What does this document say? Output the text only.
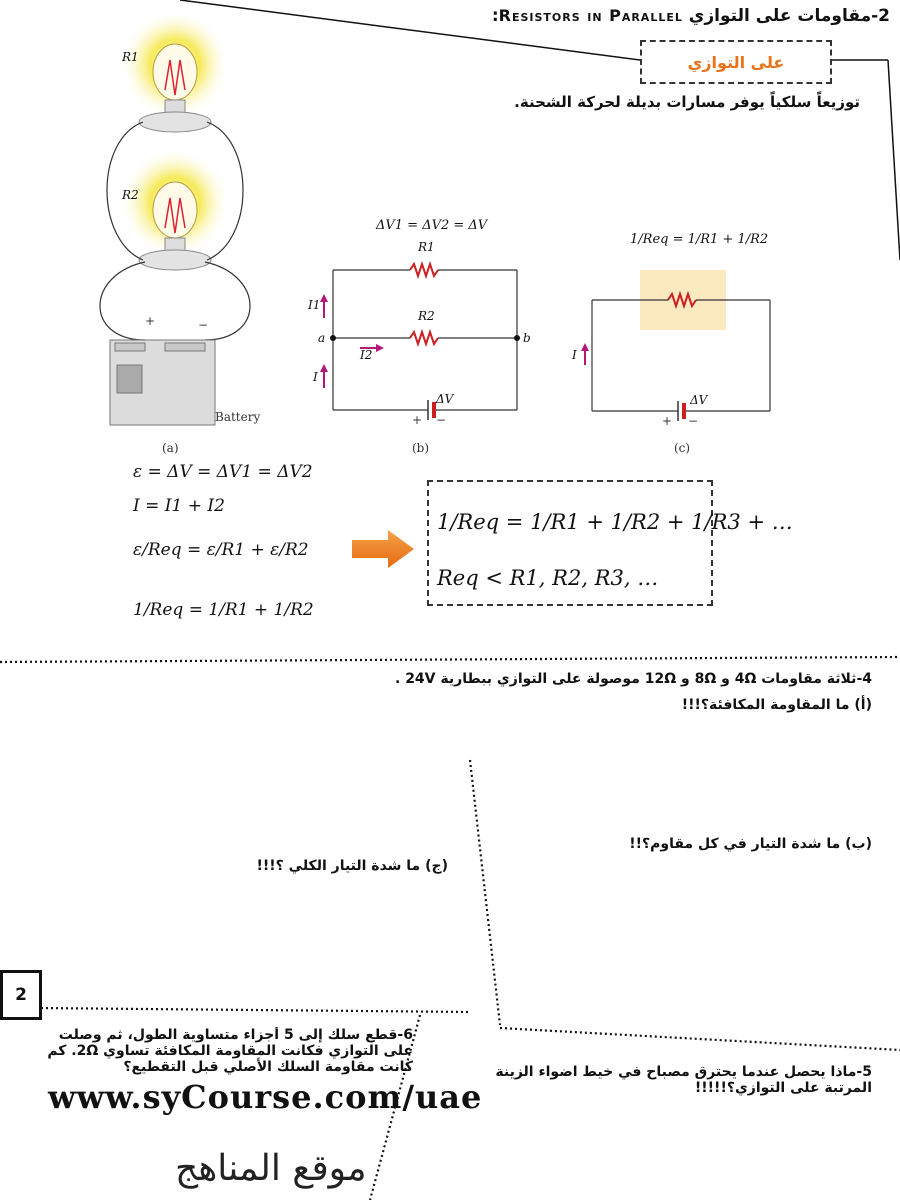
2-مقاومات على التوازي Resistors in Parallel:
على التوازي
توزيعاً سلكياً يوفر مسارات بديلة لحركة الشحنة.
R1
R2
+	−
Battery
(a)
ΔV1 = ΔV2 = ΔV
R1
R2
I1
I2
I
a	b
ΔV
+ −
(b)
1/Req = 1/R1 + 1/R2
I
ΔV
+ −
(c)
ε = ΔV = ΔV1 = ΔV2
I = I1 + I2
ε/Req = ε/R1 + ε/R2
1/Req = 1/R1 + 1/R2
1/Req = 1/R1 + 1/R2 + 1/R3 + …
Req < R1, R2, R3, …
4-ثلاثة مقاومات 4Ω و 8Ω و 12Ω موصولة على التوازي ببطارية 24V .
(أ) ما المقاومة المكافئة؟!!!
(ب) ما شدة التيار في كل مقاوم؟!!
(ج) ما شدة التيار الكلي ؟!!!
5-ماذا يحصل عندما يحترق مصباح في خيط اضواء الزينة المرتبة على التوازي؟!!!!!
6-قطع سلك إلى 5 أجزاء متساوية الطول، ثم وصلت على التوازي فكانت المقاومة المكافئة تساوي 2Ω. كم كانت مقاومة السلك الأصلي قبل التقطيع؟
2
www.syCourse.com/uae
موقع المناهج
